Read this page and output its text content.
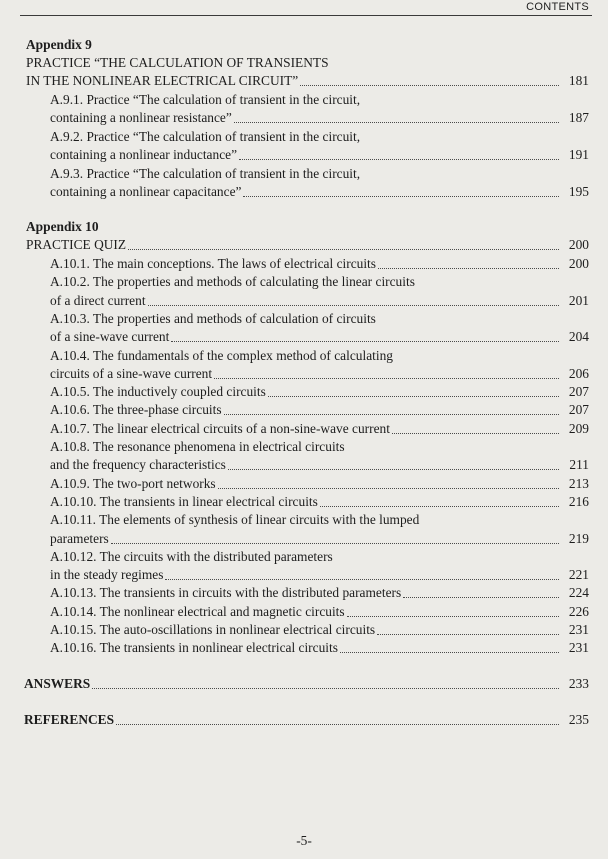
CONTENTS
Appendix 9
PRACTICE “THE CALCULATION OF TRANSIENTS
IN THE NONLINEAR ELECTRICAL CIRCUIT”	181
A.9.1. Practice “The calculation of transient in the circuit,
containing a nonlinear resistance”	187
A.9.2. Practice “The calculation of transient in the circuit,
containing a nonlinear inductance”	191
A.9.3. Practice “The calculation of transient in the circuit,
containing a nonlinear capacitance”	195
Appendix 10
PRACTICE QUIZ	200
A.10.1. The main conceptions. The laws of electrical circuits	200
A.10.2. The properties and methods of calculating the linear circuits
of a direct current	201
A.10.3. The properties and methods of calculation of circuits
of a sine-wave current	204
A.10.4. The fundamentals of the complex method of calculating
circuits of a sine-wave current	206
A.10.5. The inductively coupled circuits	207
A.10.6. The three-phase circuits	207
A.10.7. The linear electrical circuits of a non-sine-wave current	209
A.10.8. The resonance phenomena in electrical circuits
and the frequency characteristics	211
A.10.9. The two-port networks	213
A.10.10. The transients in linear electrical circuits	216
A.10.11. The elements of synthesis of linear circuits with the lumped
parameters	219
A.10.12. The circuits with the distributed parameters
in the steady regimes	221
A.10.13. The transients in circuits with the distributed parameters	224
A.10.14. The nonlinear electrical and magnetic circuits	226
A.10.15. The auto-oscillations in nonlinear electrical circuits	231
A.10.16. The transients in nonlinear electrical circuits	231
ANSWERS	233
REFERENCES	235
-5-
